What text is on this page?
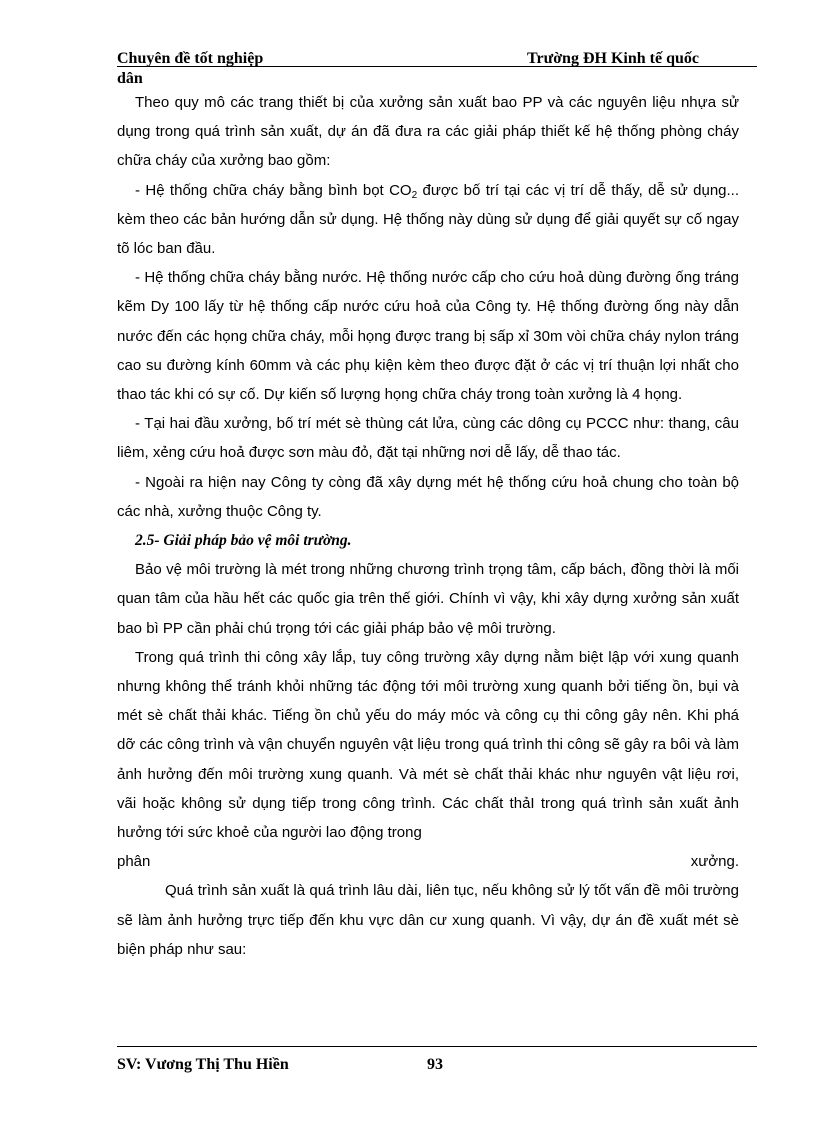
Chuyên đề tốt nghiệp	Trường ĐH Kinh tế quốc
dân

Theo quy mô các trang thiết bị của xưởng sản xuất bao PP và các nguyên liệu nhựa sử dụng trong quá trình sản xuất, dự án đã đưa ra các giải pháp thiết kế hệ thống phòng cháy chữa cháy của xưởng bao gồm:

- Hệ thống chữa cháy bằng bình bọt $CO_2$ được bố trí tại các vị trí dễ thấy, dễ sử dụng... kèm theo các bản hướng dẫn sử dụng. Hệ thống này dùng sử dụng để giải quyết sự cố ngay tõ lóc ban đầu.

- Hệ thống chữa cháy bằng nước. Hệ thống nước cấp cho cứu hoả dùng đường ống tráng kẽm Dy 100 lấy từ hệ thống cấp nước cứu hoả của Công ty. Hệ thống đường ống này dẫn nước đến các họng chữa cháy, mỗi họng được trang bị sấp xỉ 30m vòi chữa cháy nylon tráng cao su đường kính 60mm và các phụ kiện kèm theo được đặt ở các vị trí thuận lợi nhất cho thao tác khi có sự cố. Dự kiến số lượng họng chữa cháy trong toàn xưởng là 4 họng.

- Tại hai đầu xưởng, bố trí mét sè thùng cát lửa, cùng các dông cụ PCCC như: thang, câu liêm, xẻng cứu hoả được sơn màu đỏ, đặt tại những nơi dễ lấy, dễ thao tác.

- Ngoài ra hiện nay Công ty còng đã xây dựng mét hệ thống cứu hoả chung cho toàn bộ các nhà, xưởng thuộc Công ty.

2.5- Giải pháp bảo vệ môi trường.

Bảo vệ môi trường là mét trong những chương trình trọng tâm, cấp bách, đồng thời là mối quan tâm của hầu hết các quốc gia trên thế giới. Chính vì vậy, khi xây dựng xưởng sản xuất bao bì PP cần phải chú trọng tới các giải pháp bảo vệ môi trường.

Trong quá trình thi công xây lắp, tuy công trường xây dựng nằm biệt lập với xung quanh nhưng không thể tránh khỏi những tác động tới môi trường xung quanh bởi tiếng ồn, bụi và mét sè chất thải khác. Tiếng ồn chủ yếu do máy móc và công cụ thi công gây nên. Khi phá dỡ các công trình và vận chuyển nguyên vật liệu trong quá trình thi công sẽ gây ra bôi và làm ảnh hưởng đến môi trường xung quanh. Và mét sè chất thải khác như nguyên vật liệu rơi, vãi hoặc không sử dụng tiếp trong công trình. Các chất thảI trong quá trình sản xuất ảnh hưởng tới sức khoẻ của người lao động trong

phân xưởng.

Quá trình sản xuất là quá trình lâu dài, liên tục, nếu không sử lý tốt vấn đề môi trường sẽ làm ảnh hưởng trực tiếp đến khu vực dân cư xung quanh. Vì vậy, dự án đề xuất mét sè biện pháp như sau:

SV: Vương Thị Thu Hiền	93
